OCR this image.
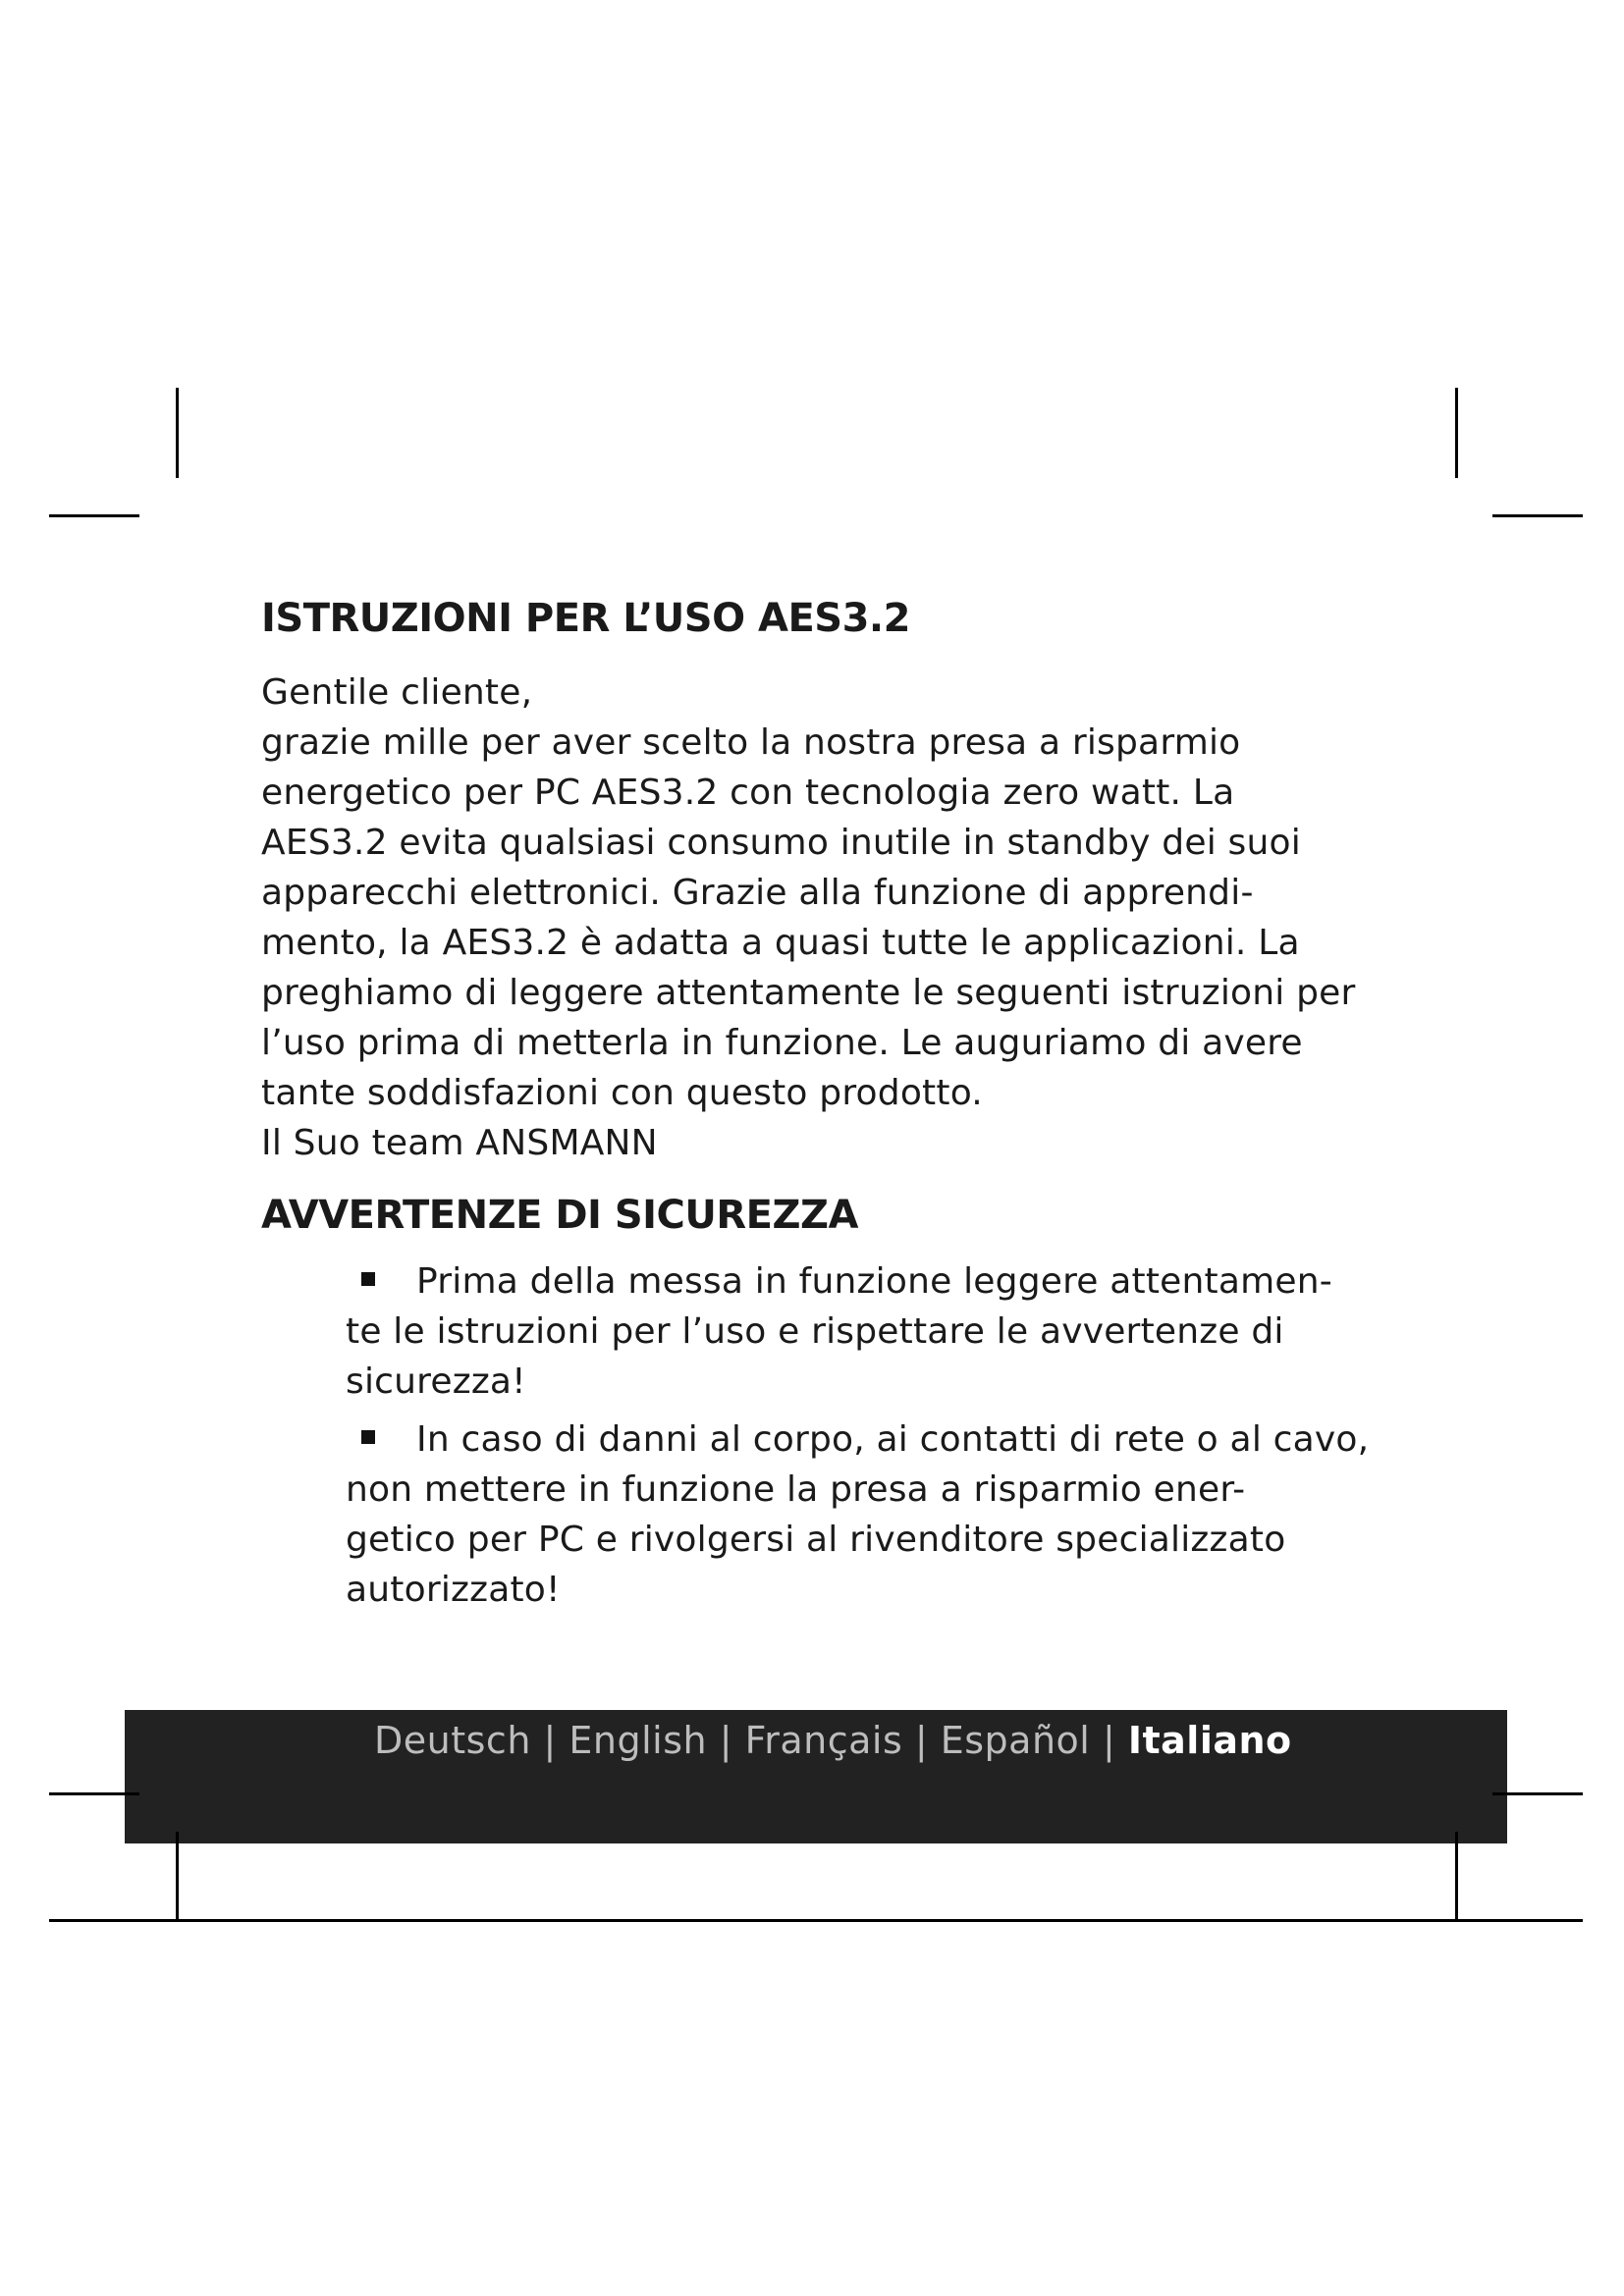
ISTRUZIONI PER L’USO AES3.2
Gentile cliente,
grazie mille per aver scelto la nostra presa a risparmio
energetico per PC AES3.2 con tecnologia zero watt. La
AES3.2 evita qualsiasi consumo inutile in standby dei suoi
apparecchi elettronici. Grazie alla funzione di apprendi-
mento, la AES3.2 è adatta a quasi tutte le applicazioni. La
preghiamo di leggere attentamente le seguenti istruzioni per
l’uso prima di metterla in funzione. Le auguriamo di avere
tante soddisfazioni con questo prodotto.
Il Suo team ANSMANN
AVVERTENZE DI SICUREZZA
Prima della messa in funzione leggere attentamen-
te le istruzioni per l’uso e rispettare le avvertenze di
sicurezza!
In caso di danni al corpo, ai contatti di rete o al cavo,
non mettere in funzione la presa a risparmio ener-
getico per PC e rivolgersi al rivenditore specializzato
autorizzato!
Deutsch | English | Français | Español | Italiano
